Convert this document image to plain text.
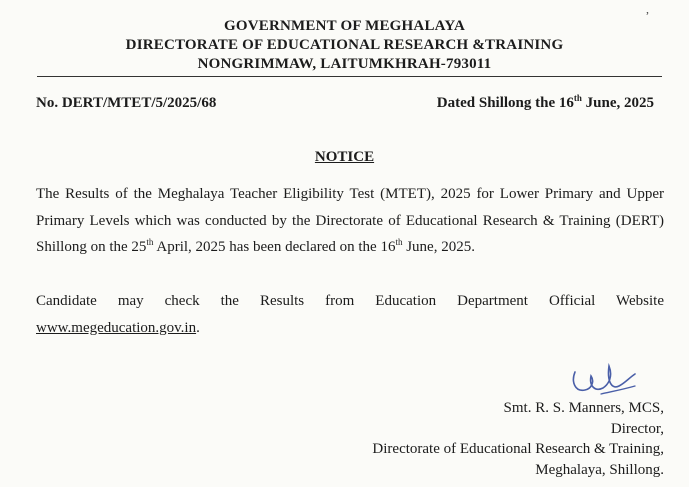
,
GOVERNMENT OF MEGHALAYA
DIRECTORATE OF EDUCATIONAL RESEARCH &TRAINING
NONGRIMMAW, LAITUMKHRAH-793011
No. DERT/MTET/5/2025/68	Dated Shillong the 16th June, 2025
NOTICE
The Results of the Meghalaya Teacher Eligibility Test (MTET), 2025 for Lower Primary and Upper Primary Levels which was conducted by the Directorate of Educational Research & Training (DERT) Shillong on the 25th April, 2025 has been declared on the 16th June, 2025.
Candidate may check the Results from Education Department Official Website
www.megeducation.gov.in.
Smt. R. S. Manners, MCS,
Director,
Directorate of Educational Research & Training,
Meghalaya, Shillong.
